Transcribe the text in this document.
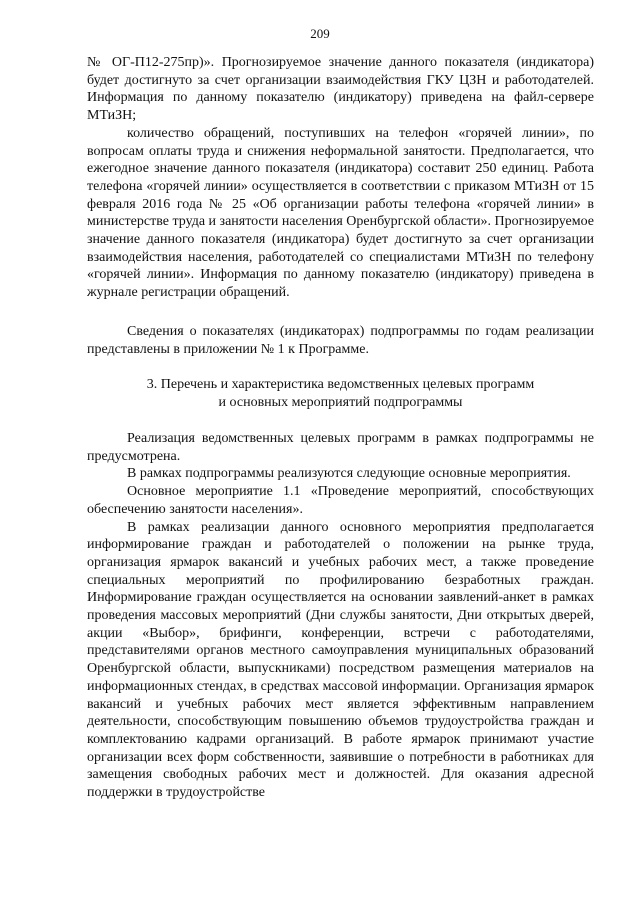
209

№ ОГ-П12-275пр)». Прогнозируемое значение данного показателя (индикатора) будет достигнуто за счет организации взаимодействия ГКУ ЦЗН и работодателей. Информация по данному показателю (индикатору) приведена на файл-сервере МТиЗН;

количество обращений, поступивших на телефон «горячей линии», по вопросам оплаты труда и снижения неформальной занятости. Предполагается, что ежегодное значение данного показателя (индикатора) составит 250 единиц. Работа телефона «горячей линии» осуществляется в соответствии с приказом МТиЗН от 15 февраля 2016 года № 25 «Об организации работы телефона «горячей линии» в министерстве труда и занятости населения Оренбургской области». Прогнозируемое значение данного показателя (индикатора) будет достигнуто за счет организации взаимодействия населения, работодателей со специалистами МТиЗН по телефону «горячей линии». Информация по данному показателю (индикатору) приведена в журнале регистрации обращений.

Сведения о показателях (индикаторах) подпрограммы по годам реализации представлены в приложении № 1 к Программе.

3. Перечень и характеристика ведомственных целевых программ
и основных мероприятий подпрограммы

Реализация ведомственных целевых программ в рамках подпрограммы не предусмотрена.

В рамках подпрограммы реализуются следующие основные мероприятия.

Основное мероприятие 1.1 «Проведение мероприятий, способствующих обеспечению занятости населения».

В рамках реализации данного основного мероприятия предполагается информирование граждан и работодателей о положении на рынке труда, организация ярмарок вакансий и учебных рабочих мест, а также проведение специальных мероприятий по профилированию безработных граждан. Информирование граждан осуществляется на основании заявлений-анкет в рамках проведения массовых мероприятий (Дни службы занятости, Дни открытых дверей, акции «Выбор», брифинги, конференции, встречи с работодателями, представителями органов местного самоуправления муниципальных образований Оренбургской области, выпускниками) посредством размещения материалов на информационных стендах, в средствах массовой информации. Организация ярмарок вакансий и учебных рабочих мест является эффективным направлением деятельности, способствующим повышению объемов трудоустройства граждан и комплектованию кадрами организаций. В работе ярмарок принимают участие организации всех форм собственности, заявившие о потребности в работниках для замещения свободных рабочих мест и должностей. Для оказания адресной поддержки в трудоустройстве
